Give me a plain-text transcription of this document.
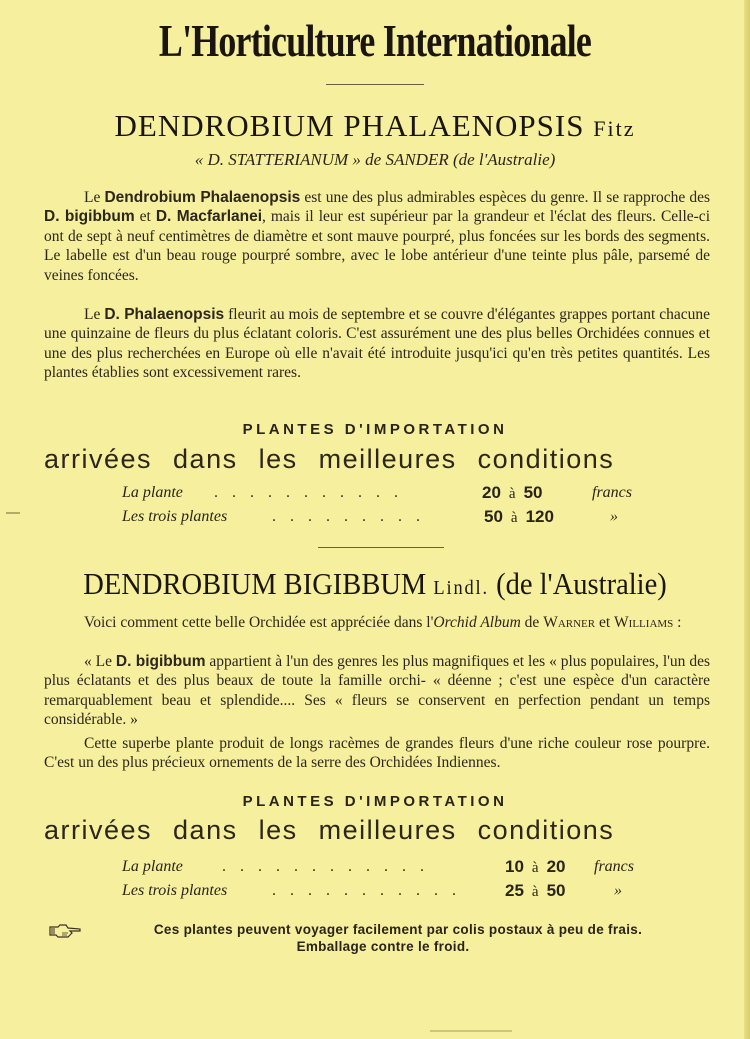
L'Horticulture Internationale
DENDROBIUM PHALAENOPSIS Fitz
« D. STATTERIANUM » de SANDER (de l'Australie)
Le Dendrobium Phalaenopsis est une des plus admirables espèces du genre. Il se rapproche des D. bigibbum et D. Macfarlanei, mais il leur est supérieur par la grandeur et l'éclat des fleurs. Celle-ci ont de sept à neuf centimètres de diamètre et sont mauve pourpré, plus foncées sur les bords des segments. Le labelle est d'un beau rouge pourpré sombre, avec le lobe antérieur d'une teinte plus pâle, parsemé de veines foncées.
Le D. Phalaenopsis fleurit au mois de septembre et se couvre d'élégantes grappes portant chacune une quinzaine de fleurs du plus éclatant coloris. C'est assurément une des plus belles Orchidées connues et une des plus recherchées en Europe où elle n'avait été introduite jusqu'ici qu'en très petites quantités. Les plantes établies sont excessivement rares.
PLANTES D'IMPORTATION
arrivées dans les meilleures conditions
La plante . . . . . . . . . . .	20 à 50	francs
Les trois plantes	. . . . . . . . .	50 à 120	»
DENDROBIUM BIGIBBUM Lindl. (de l'Australie)
Voici comment cette belle Orchidée est appréciée dans l'Orchid Album de Warner et Williams :
« Le D. bigibbum appartient à l'un des genres les plus magnifiques et les « plus populaires, l'un des plus éclatants et des plus beaux de toute la famille orchi- « déenne ; c'est une espèce d'un caractère remarquablement beau et splendide.... Ses « fleurs se conservent en perfection pendant un temps considérable. »
Cette superbe plante produit de longs racèmes de grandes fleurs d'une riche couleur rose pourpre. C'est un des plus précieux ornements de la serre des Orchidées Indiennes.
PLANTES D'IMPORTATION
arrivées dans les meilleures conditions
La plante . . . . . . . . . . . .	10 à 20 francs
Les trois plantes	. . . . . . . . . . .	25 à 50	»
Ces plantes peuvent voyager facilement par colis postaux à peu de frais.
Emballage contre le froid.
